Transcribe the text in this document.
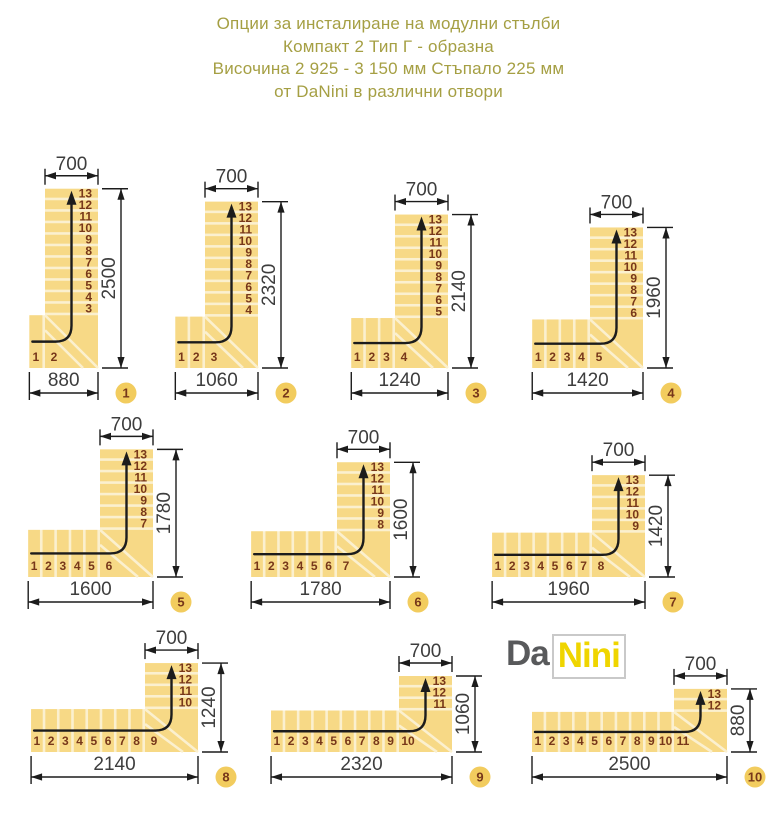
Опции за инсталиране на модулни стълби
Компакт 2 Тип Г - образна
Височина 2 925 - 3 150 мм Стъпало 225 мм
от DaNini в различни отвори
13
12
11
10
9
8
7
6
5
4
3
1 2
700
2500
880
1
13
12
11
10
9
8
7
6
5
4
1 2 3
700
2320
1060
2
13
12
11
10
9
8
7
6
5
1 2 3 4
700
2140
1240
3
13
12
11
10
9
8
7
6
1 2 3 4 5
700
1960
1420
4
13
12
11
10
9
8
7
1 2 3 4 5 6
700
1780
1600
5
13
12
11
10
9
8
1 2 3 4 5 6 7
700
1600
1780
6
13
12
11
10
9
1 2 3 4 5 6 7 8
700
1420
1960
7
13
12
11
10
1 2 3 4 5 6 7 8 9
700
1240
2140
8
13
12
11
1 2 3 4 5 6 7 8 9 10
700
1060
2320
9
13
12
1 2 3 4 5 6 7 8 9 10 11
700
880
2500
10
Da Nini
